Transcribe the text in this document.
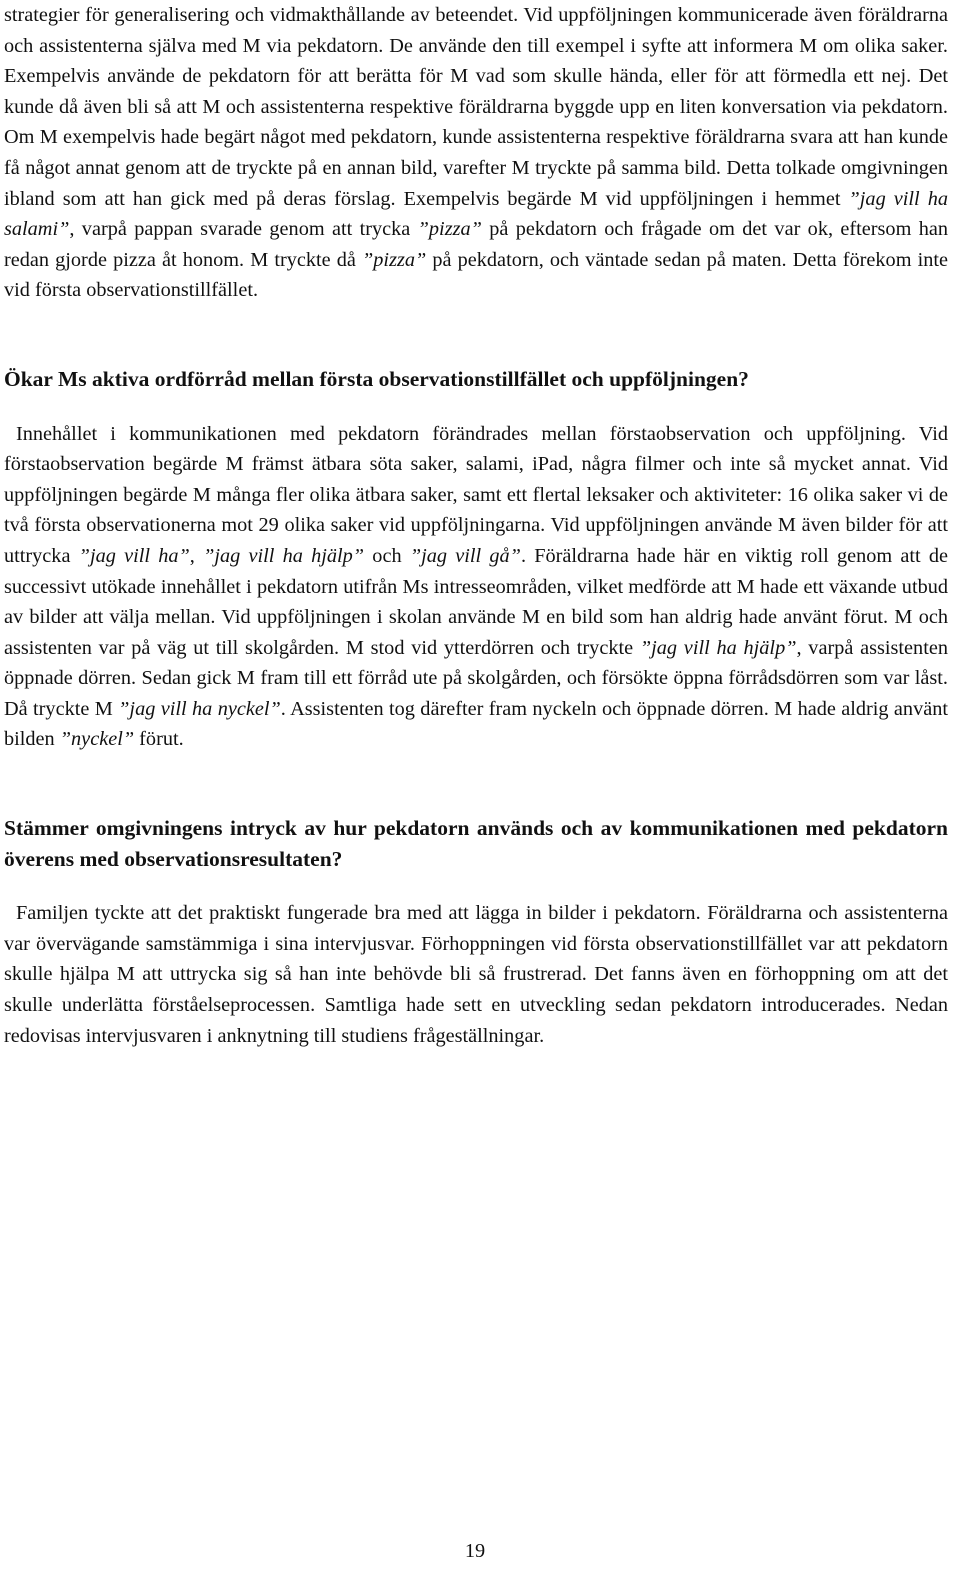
strategier för generalisering och vidmakthållande av beteendet. Vid uppföljningen kommunicerade även föräldrarna och assistenterna själva med M via pekdatorn. De använde den till exempel i syfte att informera M om olika saker. Exempelvis använde de pekdatorn för att berätta för M vad som skulle hända, eller för att förmedla ett nej. Det kunde då även bli så att M och assistenterna respektive föräldrarna byggde upp en liten konversation via pekdatorn. Om M exempelvis hade begärt något med pekdatorn, kunde assistenterna respektive föräldrarna svara att han kunde få något annat genom att de tryckte på en annan bild, varefter M tryckte på samma bild. Detta tolkade omgivningen ibland som att han gick med på deras förslag. Exempelvis begärde M vid uppföljningen i hemmet ”jag vill ha salami”, varpå pappan svarade genom att trycka ”pizza” på pekdatorn och frågade om det var ok, eftersom han redan gjorde pizza åt honom. M tryckte då ”pizza” på pekdatorn, och väntade sedan på maten. Detta förekom inte vid första observationstillfället.

Ökar Ms aktiva ordförråd mellan första observationstillfället och uppföljningen?

Innehållet i kommunikationen med pekdatorn förändrades mellan förstaobservation och uppföljning. Vid förstaobservation begärde M främst ätbara söta saker, salami, iPad, några filmer och inte så mycket annat. Vid uppföljningen begärde M många fler olika ätbara saker, samt ett flertal leksaker och aktiviteter: 16 olika saker vi de två första observationerna mot 29 olika saker vid uppföljningarna. Vid uppföljningen använde M även bilder för att uttrycka ”jag vill ha”, ”jag vill ha hjälp” och ”jag vill gå”. Föräldrarna hade här en viktig roll genom att de successivt utökade innehållet i pekdatorn utifrån Ms intresseområden, vilket medförde att M hade ett växande utbud av bilder att välja mellan. Vid uppföljningen i skolan använde M en bild som han aldrig hade använt förut. M och assistenten var på väg ut till skolgården. M stod vid ytterdörren och tryckte ”jag vill ha hjälp”, varpå assistenten öppnade dörren. Sedan gick M fram till ett förråd ute på skolgården, och försökte öppna förrådsdörren som var låst. Då tryckte M ”jag vill ha nyckel”. Assistenten tog därefter fram nyckeln och öppnade dörren. M hade aldrig använt bilden ”nyckel” förut.

Stämmer omgivningens intryck av hur pekdatorn används och av kommunikationen med pekdatorn överens med observationsresultaten?

Familjen tyckte att det praktiskt fungerade bra med att lägga in bilder i pekdatorn. Föräldrarna och assistenterna var övervägande samstämmiga i sina intervjusvar. Förhoppningen vid första observationstillfället var att pekdatorn skulle hjälpa M att uttrycka sig så han inte behövde bli så frustrerad. Det fanns även en förhoppning om att det skulle underlätta förståelseprocessen. Samtliga hade sett en utveckling sedan pekdatorn introducerades. Nedan redovisas intervjusvaren i anknytning till studiens frågeställningar.

19
